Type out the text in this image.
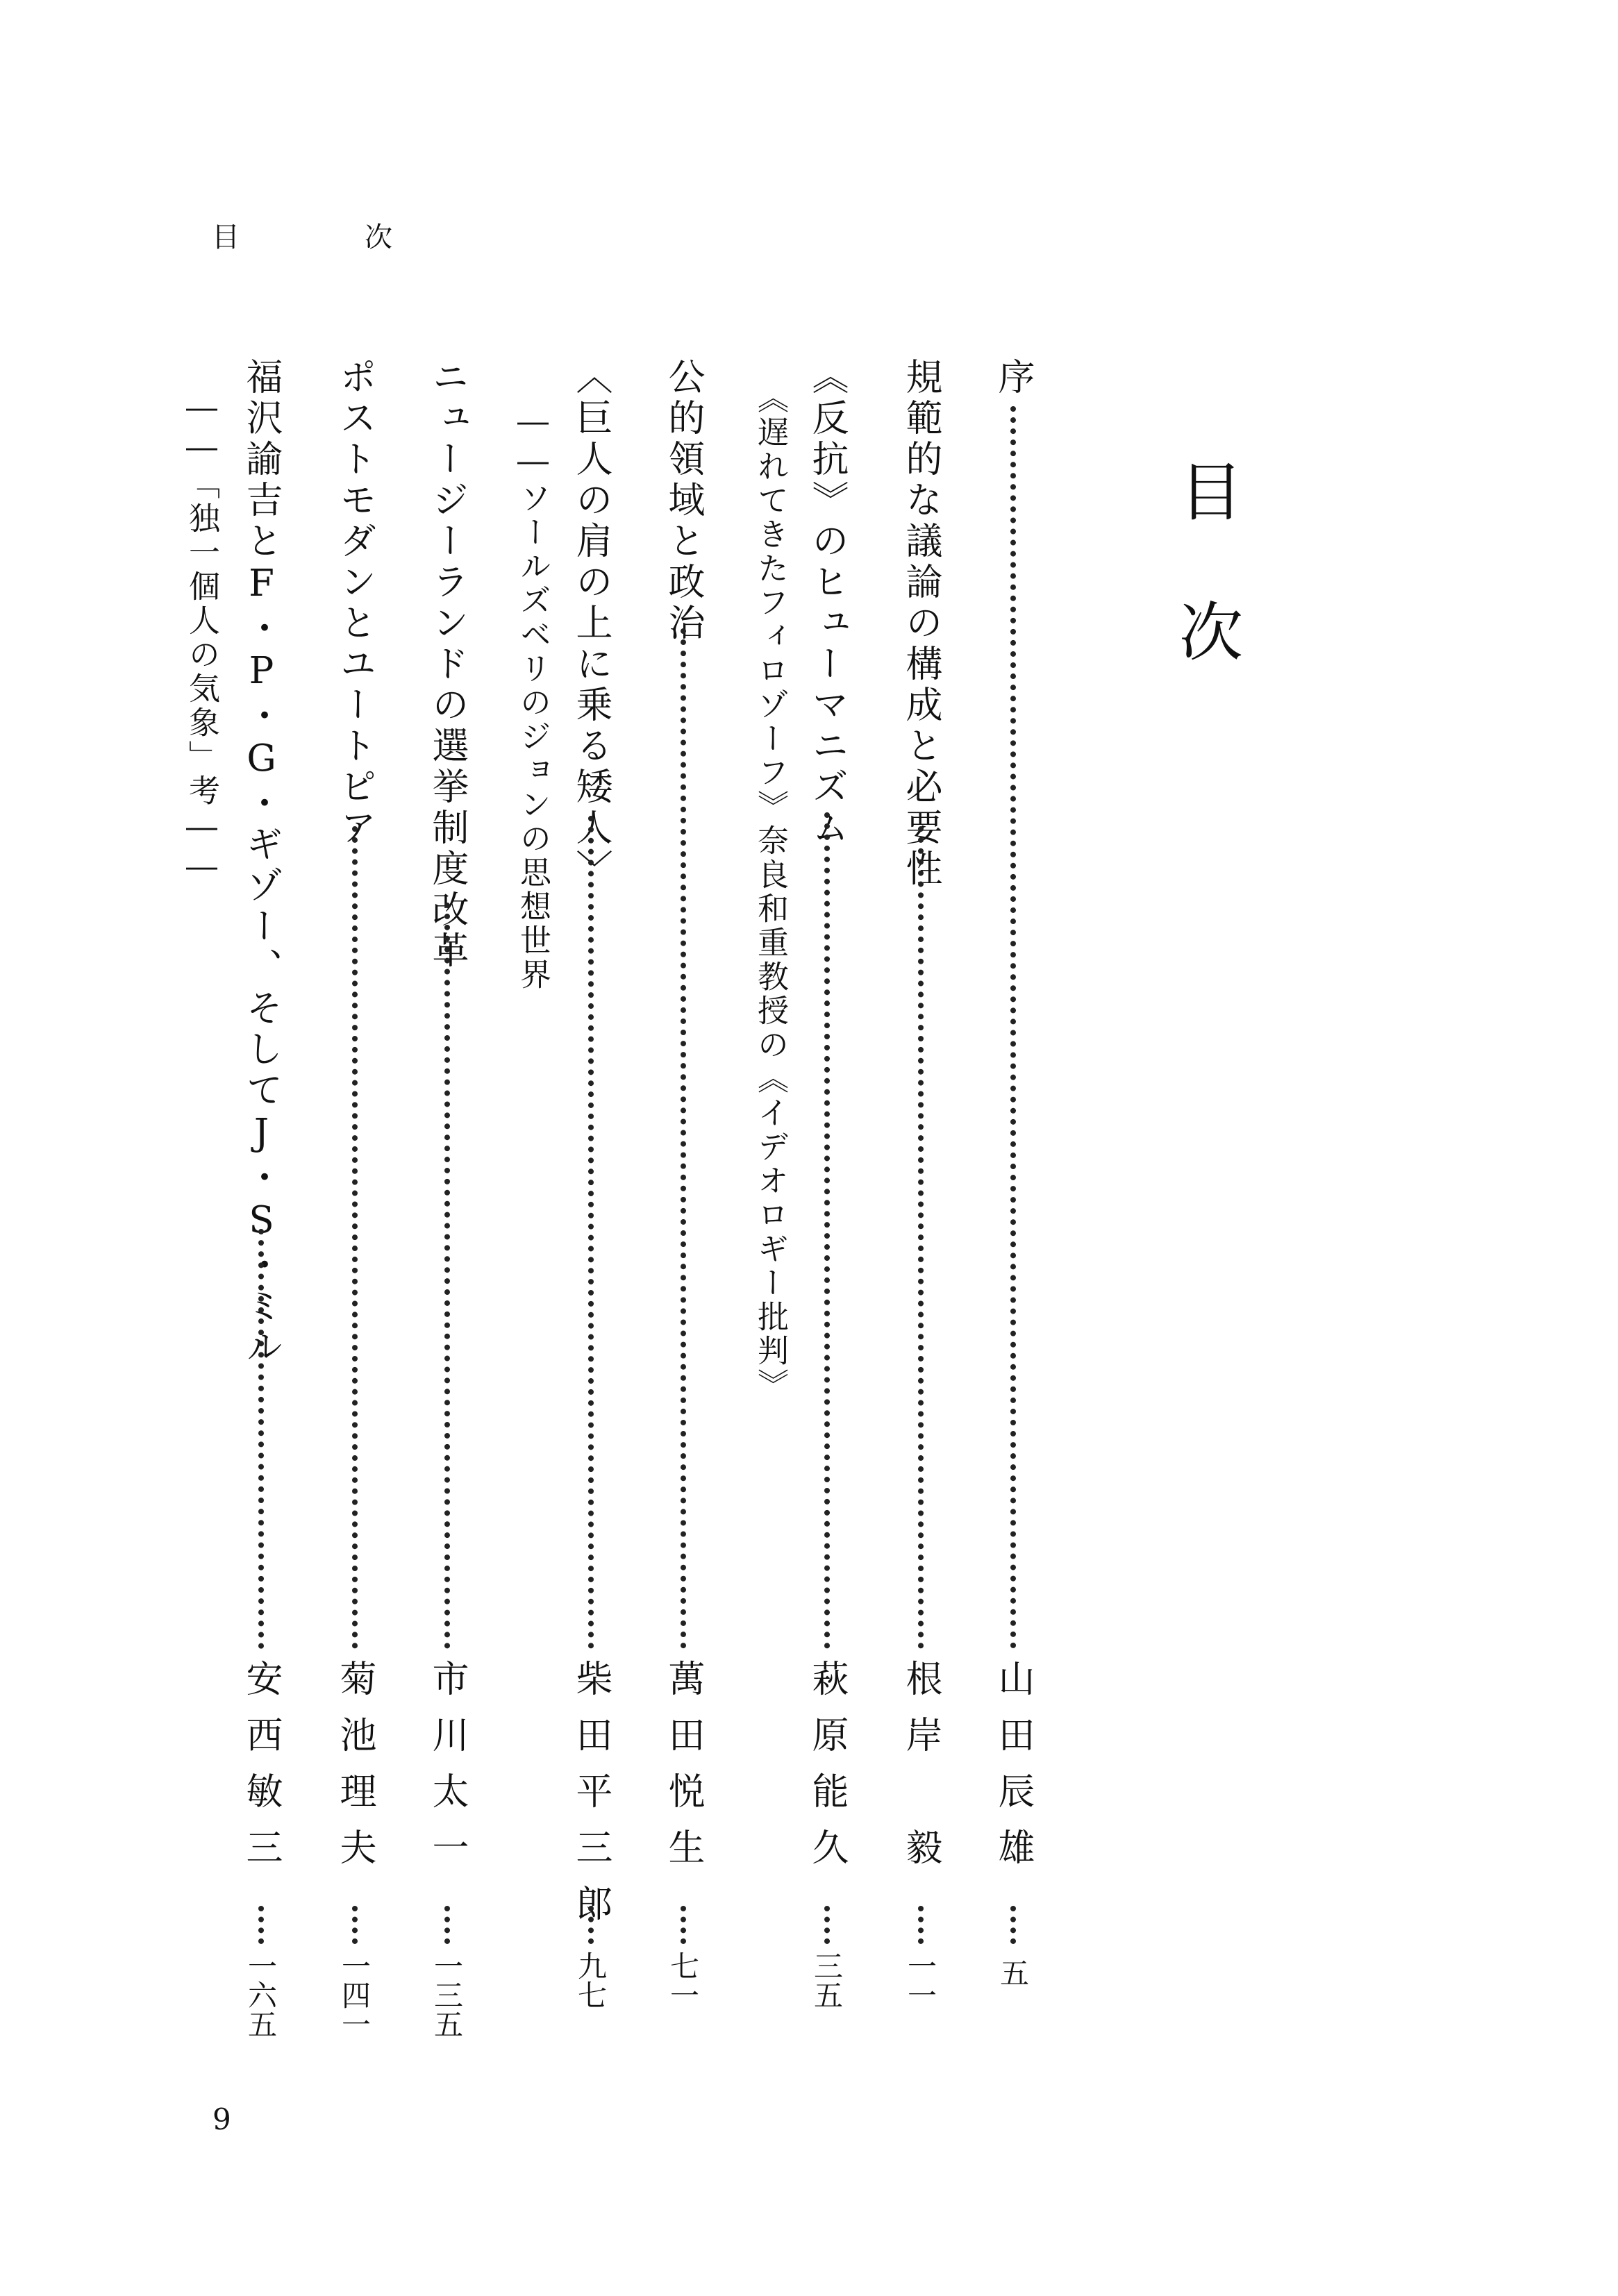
目　次
目次
序
山田辰雄
五
規範的な議論の構成と必要性
根岸　毅
一一
《反抗》のヒューマニズム
《遅れてきたフィロゾーフ》奈良和重教授の《イデオロギー批判》
萩原能久
三五
公的領域と政治
萬田悦生
七一
〈巨人の肩の上に乗る矮人〉
――ソールズベリのジョンの思想世界
柴田平三郎
九七
ニュージーランドの選挙制度改革
市川太一
一三五
ポストモダンとユートピア
菊池理夫
一四一
福沢諭吉とF・P・G・ギゾー、そしてJ・S・ミル
――「独一個人の気象」考――
安西敏三
一六五
9
